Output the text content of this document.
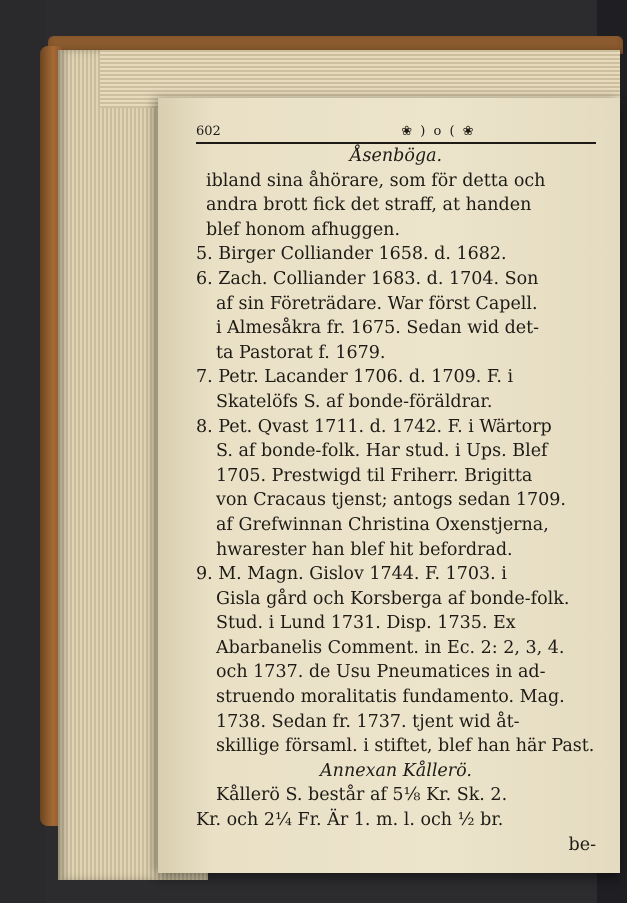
602	❀ ) o ( ❀
Åsenböga.
ibland sina åhörare, som för detta och
andra brott fick det straff, at handen
blef honom afhuggen.
5. Birger Colliander 1658. d. 1682.
6. Zach. Colliander 1683. d. 1704. Son
af sin Företrädare. War först Capell.
i Almesåkra fr. 1675. Sedan wid det-
ta Pastorat f. 1679.
7. Petr. Lacander 1706. d. 1709. F. i
Skatelöfs S. af bonde-föräldrar.
8. Pet. Qvast 1711. d. 1742. F. i Wärtorp
S. af bonde-folk. Har stud. i Ups. Blef
1705. Prestwigd til Friherr. Brigitta
von Cracaus tjenst; antogs sedan 1709.
af Grefwinnan Christina Oxenstjerna,
hwarester han blef hit befordrad.
9. M. Magn. Gislov 1744. F. 1703. i
Gisla gård och Korsberga af bonde-folk.
Stud. i Lund 1731. Disp. 1735. Ex
Abarbanelis Comment. in Ec. 2: 2, 3, 4.
och 1737. de Usu Pneumatices in ad-
struendo moralitatis fundamento. Mag.
1738. Sedan fr. 1737. tjent wid åt-
skillige församl. i stiftet, blef han här Past.
Annexan Kållerö.
Kållerö S. består af 5⅛ Kr. Sk. 2.
Kr. och 2¼ Fr. Är 1. m. l. och ½ br.
be-
